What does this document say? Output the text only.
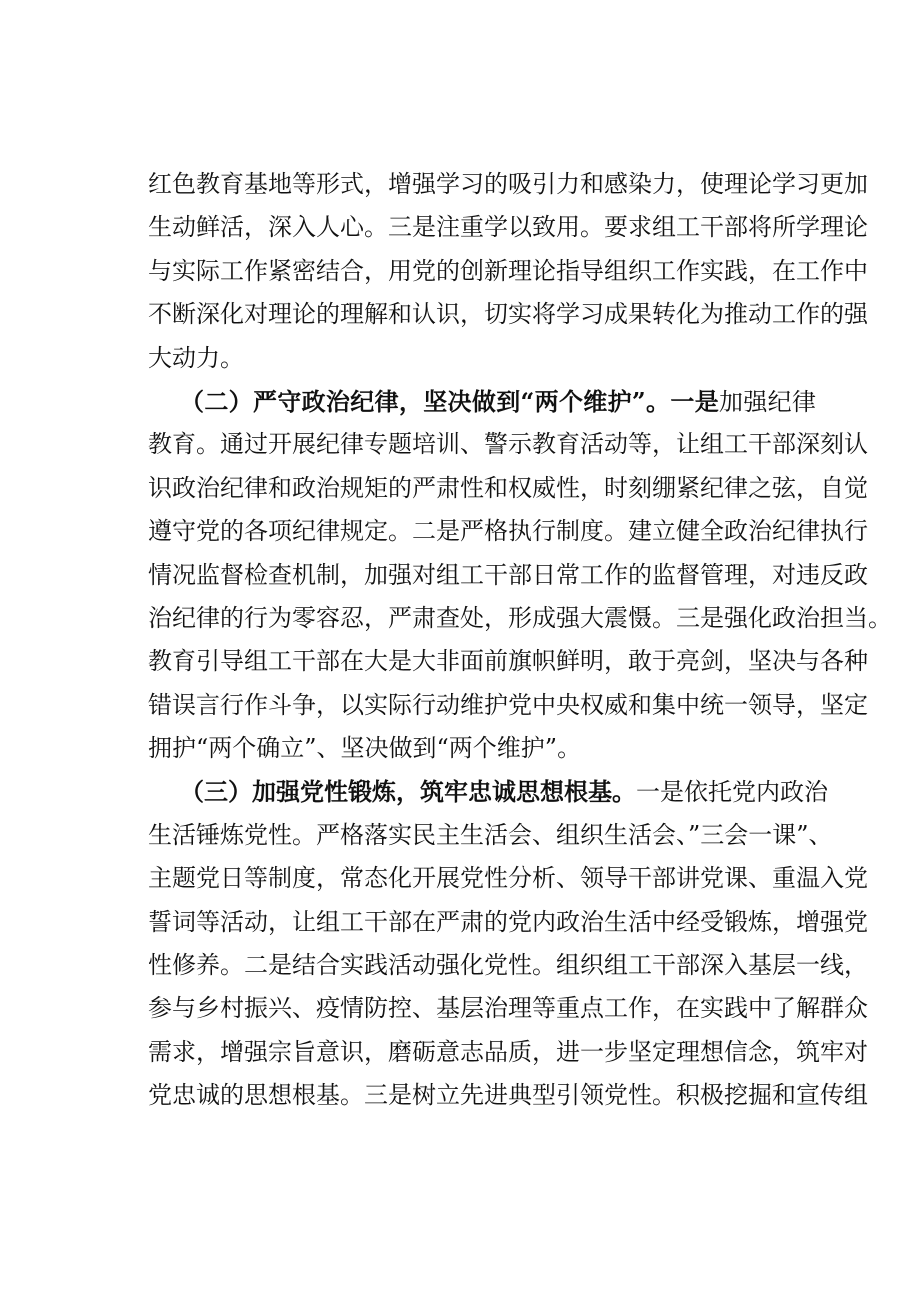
红色教育基地等形式，增强学习的吸引力和感染力，使理论学习更加
生动鲜活，深入人心。三是注重学以致用。要求组工干部将所学理论
与实际工作紧密结合，用党的创新理论指导组织工作实践，在工作中
不断深化对理论的理解和认识，切实将学习成果转化为推动工作的强
大动力。
（二）严守政治纪律，坚决做到“两个维护”。一是加强纪律
教育。通过开展纪律专题培训、警示教育活动等，让组工干部深刻认
识政治纪律和政治规矩的严肃性和权威性，时刻绷紧纪律之弦，自觉
遵守党的各项纪律规定。二是严格执行制度。建立健全政治纪律执行
情况监督检查机制，加强对组工干部日常工作的监督管理，对违反政
治纪律的行为零容忍，严肃查处，形成强大震慑。三是强化政治担当。
教育引导组工干部在大是大非面前旗帜鲜明，敢于亮剑，坚决与各种
错误言行作斗争，以实际行动维护党中央权威和集中统一领导，坚定
拥护“两个确立”、坚决做到“两个维护”。
（三）加强党性锻炼，筑牢忠诚思想根基。一是依托党内政治
生活锤炼党性。严格落实民主生活会、组织生活会、”三会一课”、
主题党日等制度，常态化开展党性分析、领导干部讲党课、重温入党
誓词等活动，让组工干部在严肃的党内政治生活中经受锻炼，增强党
性修养。二是结合实践活动强化党性。组织组工干部深入基层一线，
参与乡村振兴、疫情防控、基层治理等重点工作，在实践中了解群众
需求，增强宗旨意识，磨砺意志品质，进一步坚定理想信念，筑牢对
党忠诚的思想根基。三是树立先进典型引领党性。积极挖掘和宣传组
